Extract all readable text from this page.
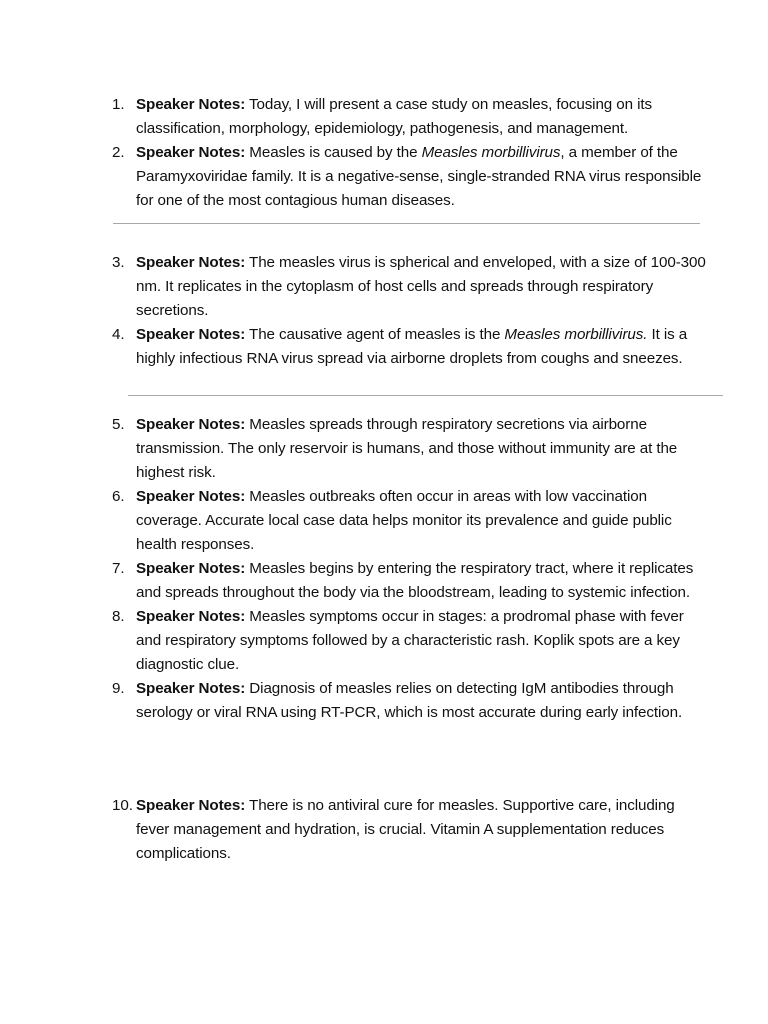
1. Speaker Notes: Today, I will present a case study on measles, focusing on its classification, morphology, epidemiology, pathogenesis, and management.
2. Speaker Notes: Measles is caused by the Measles morbillivirus, a member of the Paramyxoviridae family. It is a negative-sense, single-stranded RNA virus responsible for one of the most contagious human diseases.
3. Speaker Notes: The measles virus is spherical and enveloped, with a size of 100-300 nm. It replicates in the cytoplasm of host cells and spreads through respiratory secretions.
4. Speaker Notes: The causative agent of measles is the Measles morbillivirus. It is a highly infectious RNA virus spread via airborne droplets from coughs and sneezes.
5. Speaker Notes: Measles spreads through respiratory secretions via airborne transmission. The only reservoir is humans, and those without immunity are at the highest risk.
6. Speaker Notes: Measles outbreaks often occur in areas with low vaccination coverage. Accurate local case data helps monitor its prevalence and guide public health responses.
7. Speaker Notes: Measles begins by entering the respiratory tract, where it replicates and spreads throughout the body via the bloodstream, leading to systemic infection.
8. Speaker Notes: Measles symptoms occur in stages: a prodromal phase with fever and respiratory symptoms followed by a characteristic rash. Koplik spots are a key diagnostic clue.
9. Speaker Notes: Diagnosis of measles relies on detecting IgM antibodies through serology or viral RNA using RT-PCR, which is most accurate during early infection.
10. Speaker Notes: There is no antiviral cure for measles. Supportive care, including fever management and hydration, is crucial. Vitamin A supplementation reduces complications.
